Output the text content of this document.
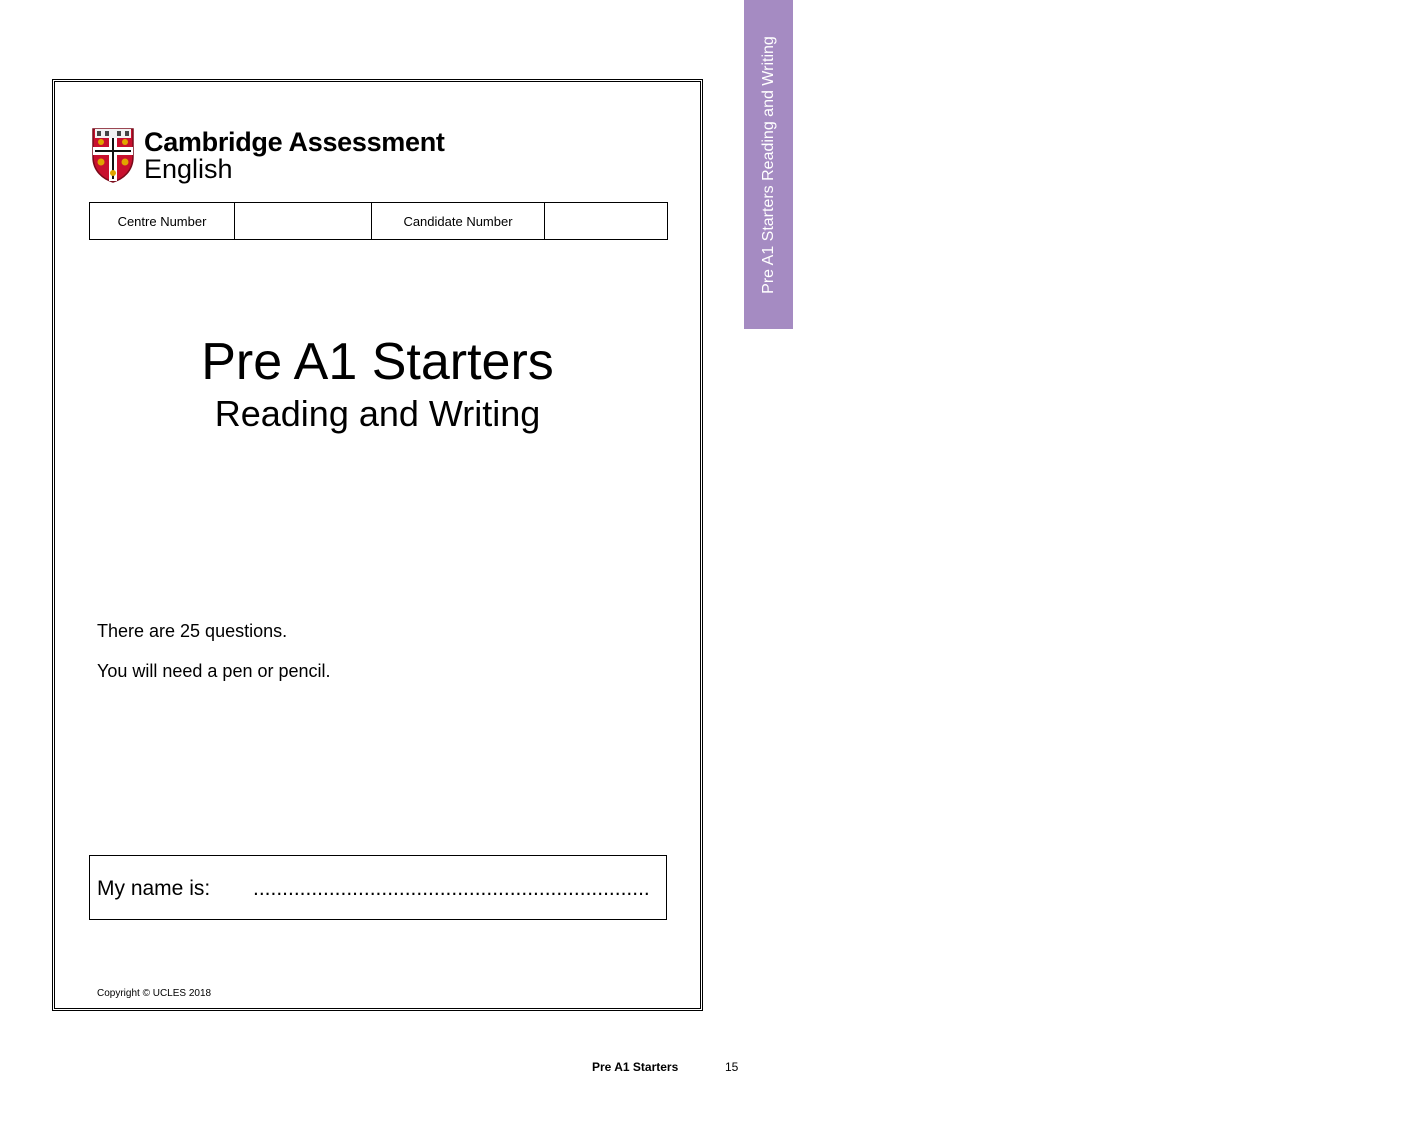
Cambridge Assessment
English
Centre Number		Candidate Number	
Pre A1 Starters
Reading and Writing
There are 25 questions.
You will need a pen or pencil.
My name is: ....................................................................
Copyright © UCLES 2018
Pre A1 Starters Reading and Writing
Pre A1 Starters	15
